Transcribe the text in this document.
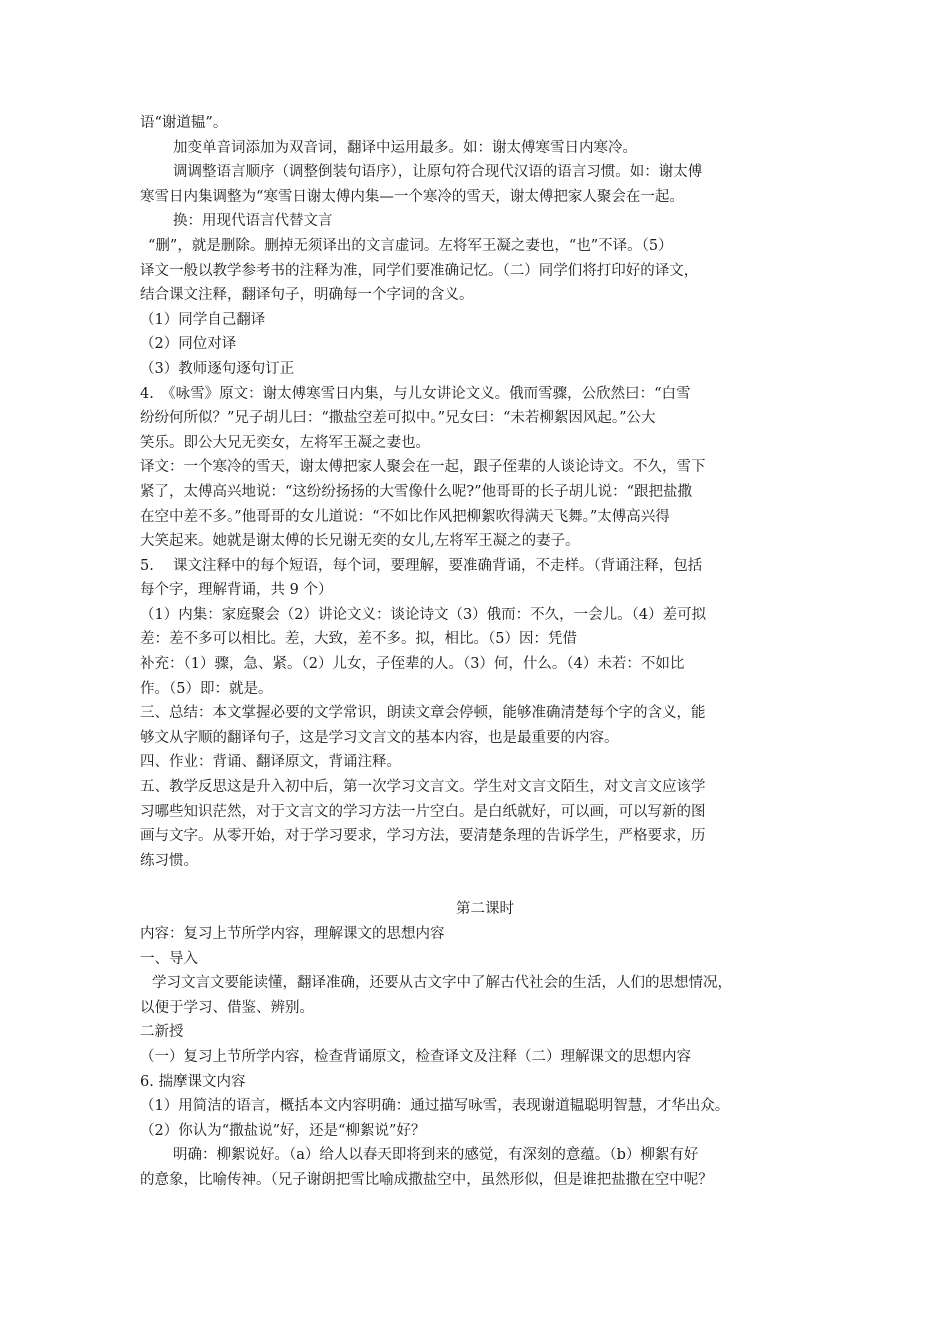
语“谢道韫”。

加变单音词添加为双音词，翻译中运用最多。如：谢太傅寒雪日内寒冷。

调调整语言顺序（调整倒装句语序），让原句符合现代汉语的语言习惯。如：谢太傅

寒雪日内集调整为“寒雪日谢太傅内集—一个寒冷的雪天，谢太傅把家人聚会在一起。

换：用现代语言代替文言

“删”，就是删除。删掉无须译出的文言虚词。左将军王凝之妻也，“也”不译。（5）

译文一般以教学参考书的注释为准，同学们要准确记忆。（二）同学们将打印好的译文，

结合课文注释，翻译句子，明确每一个字词的含义。

（1）同学自己翻译

（2）同位对译

（3）教师逐句逐句订正

4.　《咏雪》原文：谢太傅寒雪日内集，与儿女讲论文义。俄而雪骤，公欣然曰：“白雪

纷纷何所似？”兄子胡儿曰：“撒盐空差可拟中。”兄女曰：“未若柳絮因风起。”公大

笑乐。即公大兄无奕女，左将军王凝之妻也。

译文：一个寒冷的雪天，谢太傅把家人聚会在一起，跟子侄辈的人谈论诗文。不久，雪下

紧了，太傅高兴地说：“这纷纷扬扬的大雪像什么呢?”他哥哥的长子胡儿说：“跟把盐撒

在空中差不多。”他哥哥的女儿道说：“不如比作风把柳絮吹得满天飞舞。”太傅高兴得

大笑起来。她就是谢太傅的长兄谢无奕的女儿,左将军王凝之的妻子。

5.　 课文注释中的每个短语，每个词，要理解，要准确背诵，不走样。（背诵注释，包括

每个字，理解背诵，共 9 个）

（1）内集：家庭聚会（2）讲论文义：谈论诗文（3）俄而：不久，一会儿。（4）差可拟

差：差不多可以相比。差，大致，差不多。拟，相比。（5）因：凭借

补充：（1）骤，急、紧。（2）儿女，子侄辈的人。（3）何，什么。（4）未若：不如比

作。（5）即：就是。

三、总结：本文掌握必要的文学常识，朗读文章会停顿，能够准确清楚每个字的含义，能

够文从字顺的翻译句子，这是学习文言文的基本内容，也是最重要的内容。

四、作业：背诵、翻译原文，背诵注释。

五、教学反思这是升入初中后，第一次学习文言文。学生对文言文陌生，对文言文应该学

习哪些知识茫然，对于文言文的学习方法一片空白。是白纸就好，可以画，可以写新的图

画与文字。从零开始，对于学习要求，学习方法，要清楚条理的告诉学生，严格要求，历

练习惯。

第二课时

内容：复习上节所学内容，理解课文的思想内容

一、导入

学习文言文要能读懂，翻译准确，还要从古文字中了解古代社会的生活，人们的思想情况，

以便于学习、借鉴、辨别。

二新授

（一）复习上节所学内容，检查背诵原文，检查译文及注释（二）理解课文的思想内容

6. 揣摩课文内容

（1）用简洁的语言，概括本文内容明确：通过描写咏雪，表现谢道韫聪明智慧，才华出众。

（2）你认为“撒盐说”好，还是“柳絮说”好？

明确：柳絮说好。（a）给人以春天即将到来的感觉，有深刻的意蕴。（b）柳絮有好

的意象，比喻传神。（兄子谢朗把雪比喻成撒盐空中，虽然形似，但是谁把盐撒在空中呢？
